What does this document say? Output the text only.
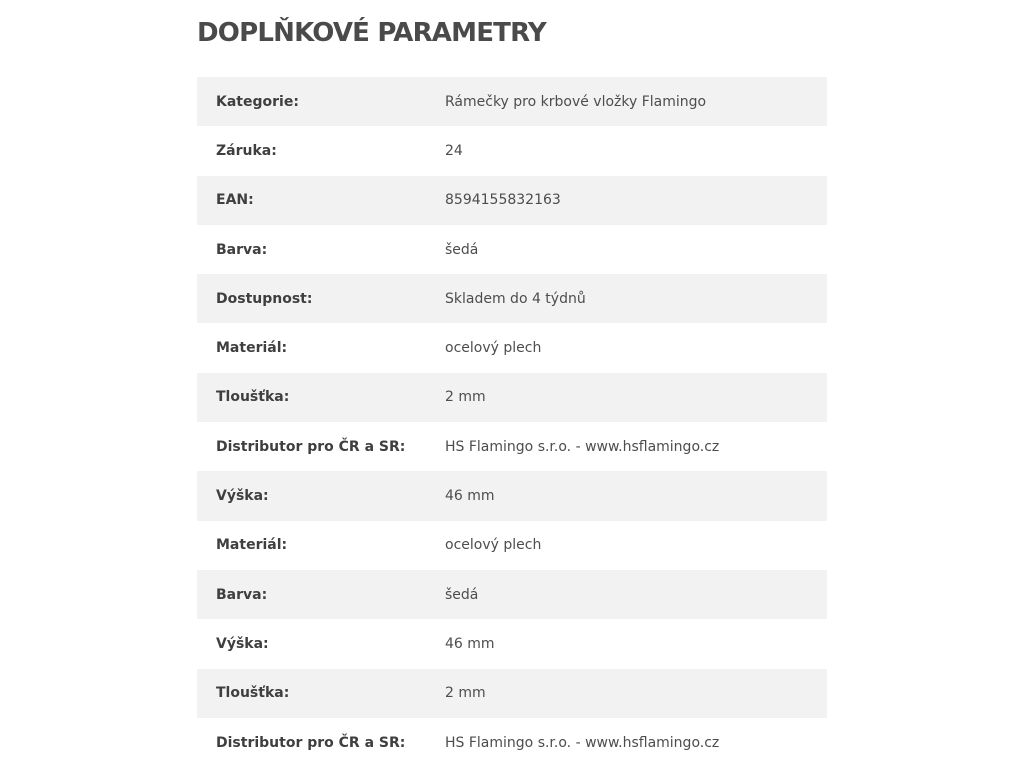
DOPLŇKOVÉ PARAMETRY
Kategorie:	Rámečky pro krbové vložky Flamingo
Záruka:	24
EAN:	8594155832163
Barva:	šedá
Dostupnost:	Skladem do 4 týdnů
Materiál:	ocelový plech
Tloušťka:	2 mm
Distributor pro ČR a SR:	HS Flamingo s.r.o. - www.hsflamingo.cz
Výška:	46 mm
Materiál:	ocelový plech
Barva:	šedá
Výška:	46 mm
Tloušťka:	2 mm
Distributor pro ČR a SR:	HS Flamingo s.r.o. - www.hsflamingo.cz
